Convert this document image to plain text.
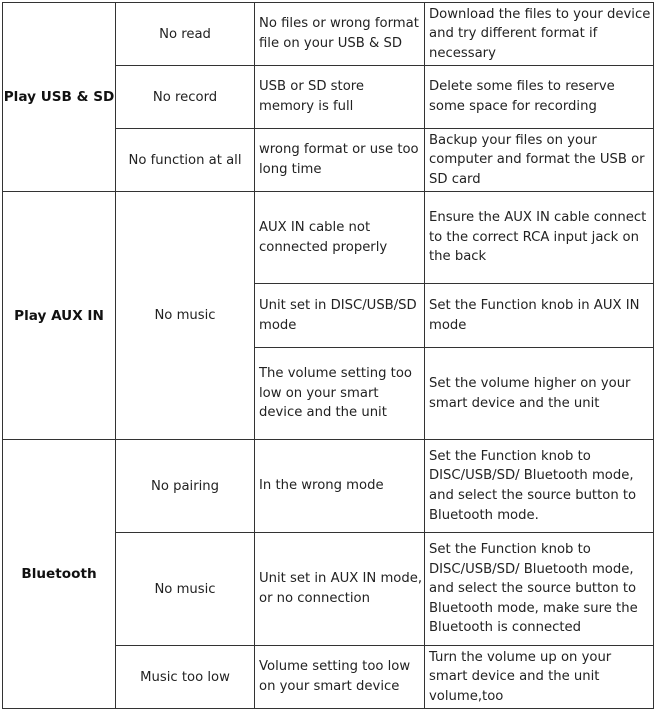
Play USB & SD	No read	No files or wrong format file on your USB & SD	Download the files to your device and try different format if necessary
	No record	USB or SD store memory is full	Delete some files to reserve some space for recording
	No function at all	wrong format or use too long time	Backup your files on your computer and format the USB or SD card
Play AUX IN	No music	AUX IN cable not connected properly	Ensure the AUX IN cable connect to the correct RCA input jack on the back
		Unit set in DISC/USB/SD mode	Set the Function knob in AUX IN mode
		The volume setting too low on your smart device and the unit	Set the volume higher on your smart device and the unit
Bluetooth	No pairing	In the wrong mode	Set the Function knob to DISC/USB/SD/ Bluetooth mode, and select the source button to Bluetooth mode.
	No music	Unit set in AUX IN mode, or no connection	Set the Function knob to DISC/USB/SD/ Bluetooth mode, and select the source button to Bluetooth mode, make sure the Bluetooth is connected
	Music too low	Volume setting too low on your smart device	Turn the volume up on your smart device and the unit volume,too
